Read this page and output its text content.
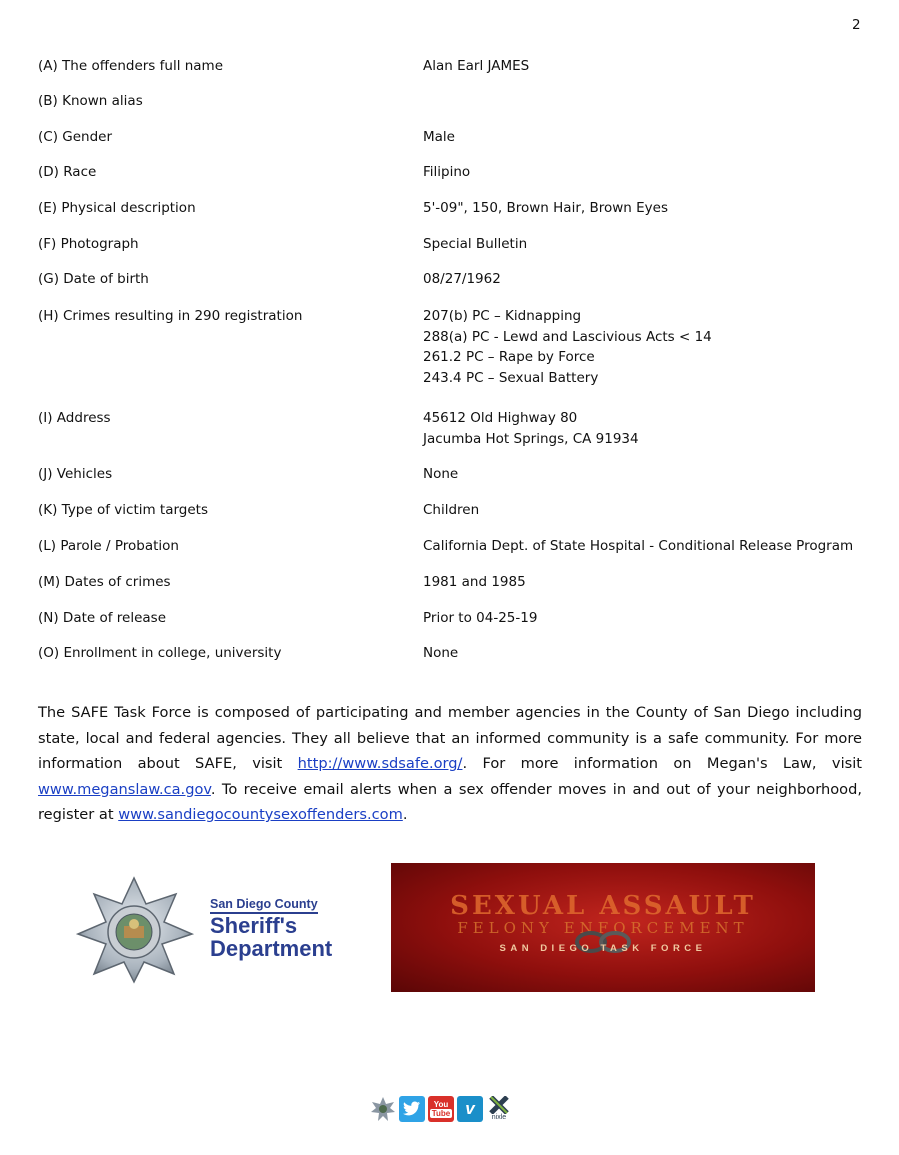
2
(A) The offenders full name	Alan Earl JAMES
(B) Known alias
(C) Gender	Male
(D) Race	Filipino
(E) Physical description	5'-09", 150, Brown Hair, Brown Eyes
(F) Photograph	Special Bulletin
(G) Date of birth	08/27/1962
(H) Crimes resulting in 290 registration	207(b) PC – Kidnapping
288(a) PC - Lewd and Lascivious Acts < 14
261.2 PC – Rape by Force
243.4 PC – Sexual Battery
(I) Address	45612 Old Highway 80
Jacumba Hot Springs, CA 91934
(J) Vehicles	None
(K) Type of victim targets	Children
(L) Parole / Probation	California Dept. of State Hospital - Conditional Release Program
(M) Dates of crimes	1981 and 1985
(N) Date of release	Prior to 04-25-19
(O) Enrollment in college, university	None

The SAFE Task Force is composed of participating and member agencies in the County of San Diego including state, local and federal agencies. They all believe that an informed community is a safe community. For more information about SAFE, visit http://www.sdsafe.org/. For more information on Megan's Law, visit www.meganslaw.ca.gov. To receive email alerts when a sex offender moves in and out of your neighborhood, register at www.sandiegocountysexoffenders.com.

San Diego County
Sheriff's
Department
SEXUAL ASSAULT
FELONY ENFORCEMENT
SAN DIEGO TASK FORCE
You
Tube v	nixle
